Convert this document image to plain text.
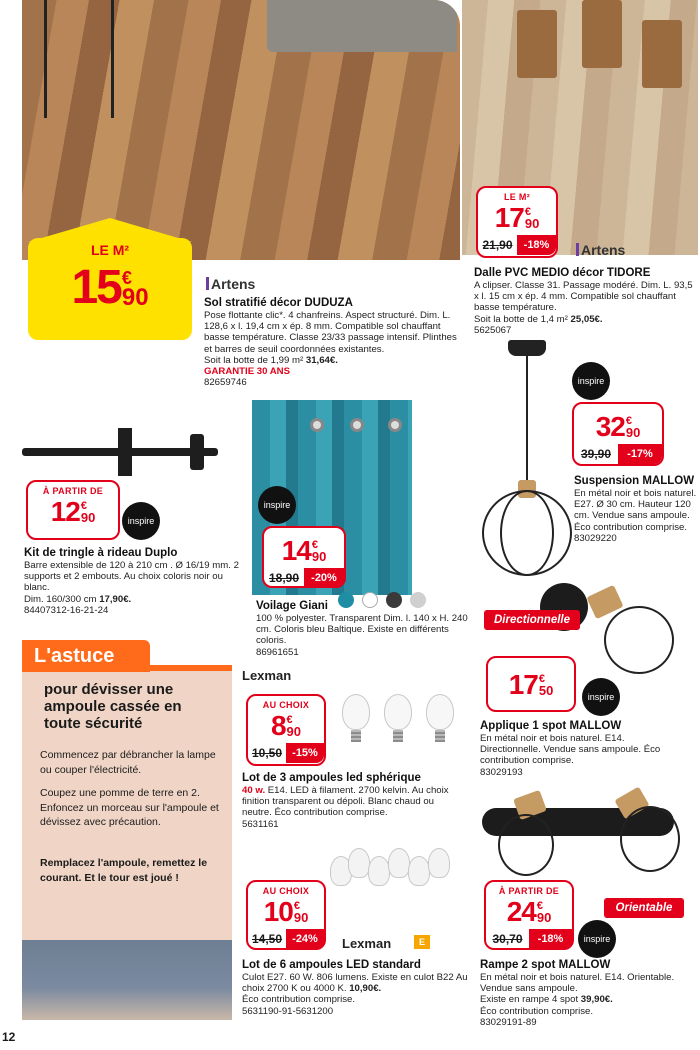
LE M²
15 €
90	Artens
Sol stratifié décor DUDUZA
Pose flottante clic*. 4 chanfreins. Aspect structuré. Dim. L. 128,6 x l. 19,4 cm x ép. 8 mm. Compatible sol chauffant basse température. Classe 23/33 passage intensif. Plinthes et barres de seuil coordonnées existantes.
Soit la botte de 1,99 m² 31,64€.
GARANTIE 30 ANS
82659746
LE M²
17 €
90
21,90	-18%	Artens
Dalle PVC MEDIO décor TIDORE
A clipser. Classe 31. Passage modéré. Dim. L. 93,5 x l. 15 cm x ép. 4 mm. Compatible sol chauffant basse température.
Soit la botte de 1,4 m² 25,05€.
5625067
inspire
32 €
90
39,90	-17%
Suspension MALLOW
En métal noir et bois naturel. E27. Ø 30 cm. Hauteur 120 cm. Vendue sans ampoule. Éco contribution comprise.
83029220
À PARTIR DE
12 €
90	inspire
Kit de tringle à rideau Duplo
Barre extensible de 120 à 210 cm . Ø 16/19 mm. 2 supports et 2 embouts. Au choix coloris noir ou blanc.
Dim. 160/300 cm 17,90€.
84407312-16-21-24
inspire
14 €
90
18,90	-20%
Voilage Giani
100 % polyester. Transparent Dim. l. 140 x H. 240 cm. Coloris bleu Baltique. Existe en différents coloris.
86961651
L'astuce
pour dévisser une ampoule cassée en toute sécurité
Commencez par débrancher la lampe ou couper l'électricité.
Coupez une pomme de terre en 2. Enfoncez un morceau sur l'ampoule et dévissez avec précaution.
Remplacez l'ampoule, remettez le courant. Et le tour est joué !
Lexman
AU CHOIX
8 €
90
10,50 -15%
Lot de 3 ampoules led sphérique
40 w. E14. LED à filament. 2700 kelvin. Au choix finition transparent ou dépoli. Blanc chaud ou neutre. Éco contribution comprise.
5631161
AU CHOIX
10 €
90
14,50 -24%	Lexman	E
Lot de 6 ampoules LED standard
Culot E27. 60 W. 806 lumens. Existe en culot B22 Au choix 2700 K ou 4000 K. 10,90€.
Éco contribution comprise.
5631190-91-5631200
Directionnelle
17 €
50	inspire
Applique 1 spot MALLOW
En métal noir et bois naturel. E14. Directionnelle. Vendue sans ampoule. Éco contribution comprise.
83029193
À PARTIR DE
24 €
90
30,70	-18%
Orientable
inspire
Rampe 2 spot MALLOW
En métal noir et bois naturel. E14. Orientable. Vendue sans ampoule.
Existe en rampe 4 spot 39,90€.
Éco contribution comprise.
83029191-89
12
